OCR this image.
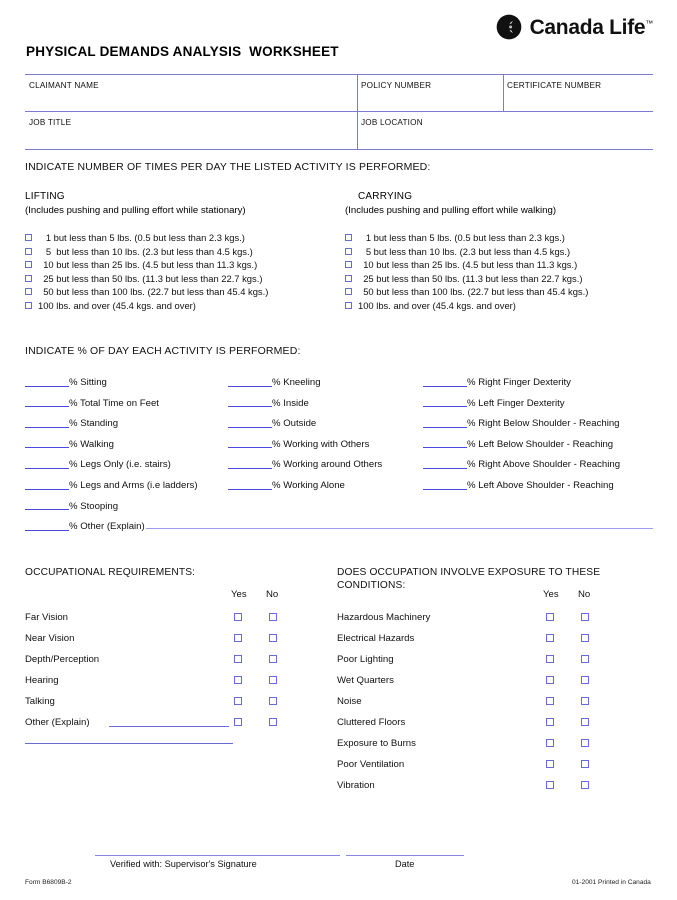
Canada Life™
PHYSICAL DEMANDS ANALYSIS  WORKSHEET
CLAIMANT NAME	POLICY NUMBER	CERTIFICATE NUMBER
JOB TITLE	JOB LOCATION
INDICATE NUMBER OF TIMES PER DAY THE LISTED ACTIVITY IS PERFORMED:
LIFTING
(Includes pushing and pulling effort while stationary)
CARRYING
(Includes pushing and pulling effort while walking)
1 but less than 5 lbs. (0.5 but less than 2.3 kgs.)
5  but less than 10 lbs. (2.3 but less than 4.5 kgs.)
10 but less than 25 lbs. (4.5 but less than 11.3 kgs.)
25 but less than 50 lbs. (11.3 but less than 22.7 kgs.)
50 but less than 100 lbs. (22.7 but less than 45.4 kgs.)
100 lbs. and over (45.4 kgs. and over)
1 but less than 5 lbs. (0.5 but less than 2.3 kgs.)
5 but less than 10 lbs. (2.3 but less than 4.5 kgs.)
10 but less than 25 lbs. (4.5 but less than 11.3 kgs.)
25 but less than 50 lbs. (11.3 but less than 22.7 kgs.)
50 but less than 100 lbs. (22.7 but less than 45.4 kgs.)
100 lbs. and over (45.4 kgs. and over)
INDICATE % OF DAY EACH ACTIVITY IS PERFORMED:
% Sitting
% Total Time on Feet
% Standing
% Walking
% Legs Only (i.e. stairs)
% Legs and Arms (i.e ladders)
% Stooping
% Other (Explain)
% Kneeling
% Inside
% Outside
% Working with Others
% Working around Others
% Working Alone
% Right Finger Dexterity
% Left Finger Dexterity
% Right Below Shoulder - Reaching
% Left Below Shoulder - Reaching
% Right Above Shoulder - Reaching
% Left Above Shoulder - Reaching
OCCUPATIONAL REQUIREMENTS:
Yes No
Far Vision
Near Vision
Depth/Perception
Hearing
Talking
Other (Explain)
DOES OCCUPATION INVOLVE EXPOSURE TO THESE
CONDITIONS:
Yes No
Hazardous Machinery
Electrical Hazards
Poor Lighting
Wet Quarters
Noise
Cluttered Floors
Exposure to Burns
Poor Ventilation
Vibration
Verified with: Supervisor's Signature	Date
Form B6809B-2	01-2001 Printed in Canada
